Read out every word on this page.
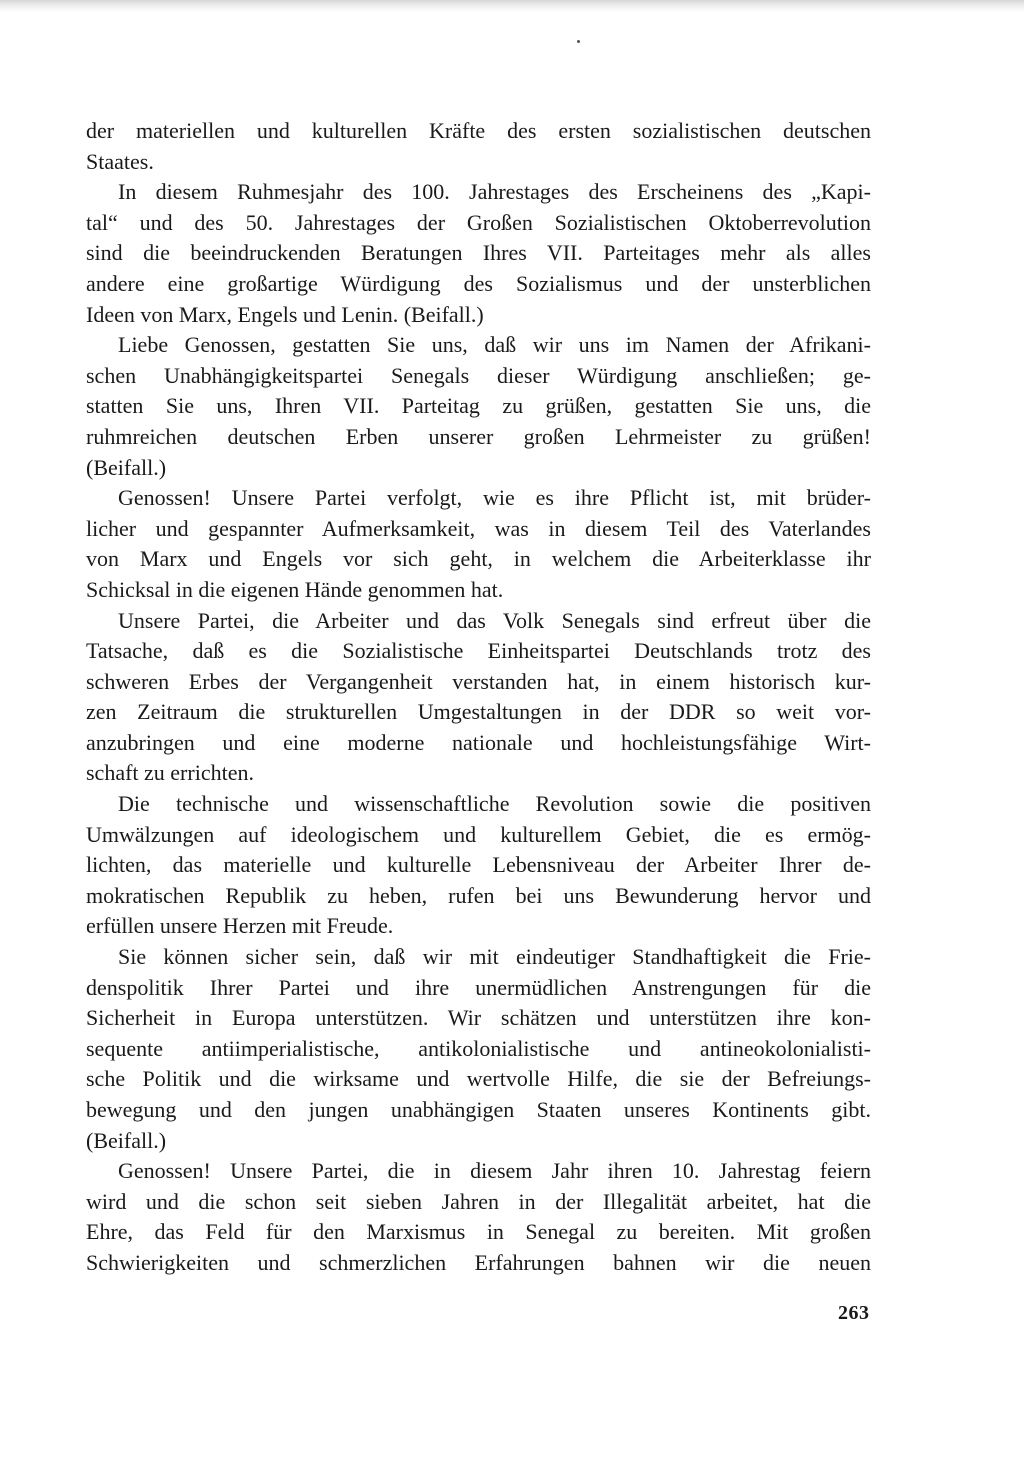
der materiellen und kulturellen Kräfte des ersten sozialistischen deutschen
Staates.
In diesem Ruhmesjahr des 100. Jahrestages des Erscheinens des „Kapi-
tal“ und des 50. Jahrestages der Großen Sozialistischen Oktoberrevolution
sind die beeindruckenden Beratungen Ihres VII. Parteitages mehr als alles
andere eine großartige Würdigung des Sozialismus und der unsterblichen
Ideen von Marx, Engels und Lenin. (Beifall.)
Liebe Genossen, gestatten Sie uns, daß wir uns im Namen der Afrikani-
schen Unabhängigkeitspartei Senegals dieser Würdigung anschließen; ge-
statten Sie uns, Ihren VII. Parteitag zu grüßen, gestatten Sie uns, die
ruhmreichen deutschen Erben unserer großen Lehrmeister zu grüßen!
(Beifall.)
Genossen! Unsere Partei verfolgt, wie es ihre Pflicht ist, mit brüder-
licher und gespannter Aufmerksamkeit, was in diesem Teil des Vaterlandes
von Marx und Engels vor sich geht, in welchem die Arbeiterklasse ihr
Schicksal in die eigenen Hände genommen hat.
Unsere Partei, die Arbeiter und das Volk Senegals sind erfreut über die
Tatsache, daß es die Sozialistische Einheitspartei Deutschlands trotz des
schweren Erbes der Vergangenheit verstanden hat, in einem historisch kur-
zen Zeitraum die strukturellen Umgestaltungen in der DDR so weit vor-
anzubringen und eine moderne nationale und hochleistungsfähige Wirt-
schaft zu errichten.
Die technische und wissenschaftliche Revolution sowie die positiven
Umwälzungen auf ideologischem und kulturellem Gebiet, die es ermög-
lichten, das materielle und kulturelle Lebensniveau der Arbeiter Ihrer de-
mokratischen Republik zu heben, rufen bei uns Bewunderung hervor und
erfüllen unsere Herzen mit Freude.
Sie können sicher sein, daß wir mit eindeutiger Standhaftigkeit die Frie-
denspolitik Ihrer Partei und ihre unermüdlichen Anstrengungen für die
Sicherheit in Europa unterstützen. Wir schätzen und unterstützen ihre kon-
sequente antiimperialistische, antikolonialistische und antineokolonialisti-
sche Politik und die wirksame und wertvolle Hilfe, die sie der Befreiungs-
bewegung und den jungen unabhängigen Staaten unseres Kontinents gibt.
(Beifall.)
Genossen! Unsere Partei, die in diesem Jahr ihren 10. Jahrestag feiern
wird und die schon seit sieben Jahren in der Illegalität arbeitet, hat die
Ehre, das Feld für den Marxismus in Senegal zu bereiten. Mit großen
Schwierigkeiten und schmerzlichen Erfahrungen bahnen wir die neuen
263
